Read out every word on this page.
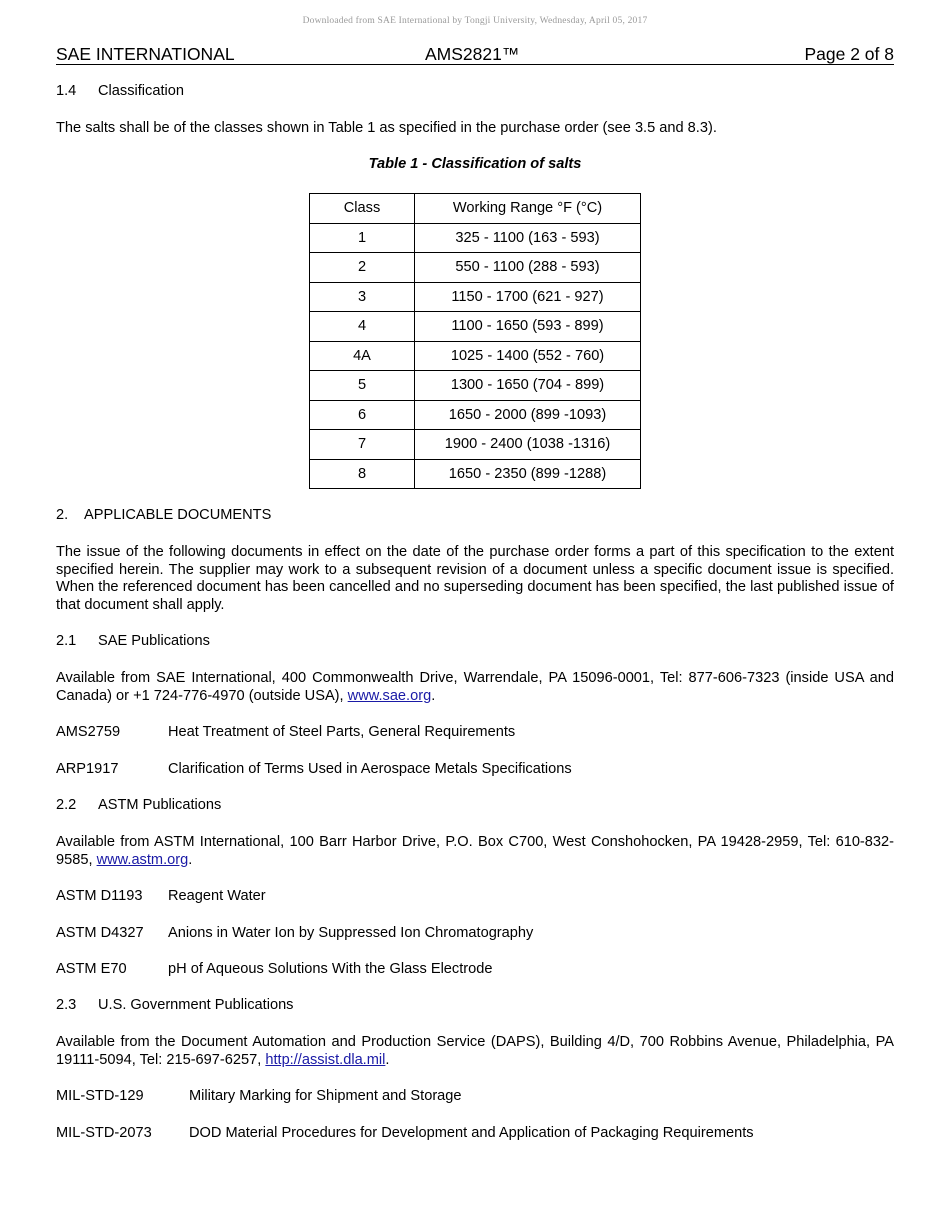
Downloaded from SAE International by Tongji University, Wednesday, April 05, 2017
SAE INTERNATIONAL	AMS2821™	Page 2 of 8
1.4 Classification
The salts shall be of the classes shown in Table 1 as specified in the purchase order (see 3.5 and 8.3).
Table 1 - Classification of salts
Class	Working Range °F (°C)
1	325 - 1100 (163 - 593)
2	550 - 1100 (288 - 593)
3	1150 - 1700 (621 - 927)
4	1100 - 1650 (593 - 899)
4A	1025 - 1400 (552 - 760)
5	1300 - 1650 (704 - 899)
6	1650 - 2000 (899 -1093)
7	1900 - 2400 (1038 -1316)
8	1650 - 2350 (899 -1288)
2. APPLICABLE DOCUMENTS
The issue of the following documents in effect on the date of the purchase order forms a part of this specification to the extent specified herein. The supplier may work to a subsequent revision of a document unless a specific document issue is specified. When the referenced document has been cancelled and no superseding document has been specified, the last published issue of that document shall apply.
2.1 SAE Publications
Available from SAE International, 400 Commonwealth Drive, Warrendale, PA 15096-0001, Tel: 877-606-7323 (inside USA and Canada) or +1 724-776-4970 (outside USA), www.sae.org.
AMS2759	Heat Treatment of Steel Parts, General Requirements
ARP1917	Clarification of Terms Used in Aerospace Metals Specifications
2.2 ASTM Publications
Available from ASTM International, 100 Barr Harbor Drive, P.O. Box C700, West Conshohocken, PA 19428-2959, Tel: 610-832-9585, www.astm.org.
ASTM D1193 Reagent Water
ASTM D4327 Anions in Water Ion by Suppressed Ion Chromatography
ASTM E70	pH of Aqueous Solutions With the Glass Electrode
2.3 U.S. Government Publications
Available from the Document Automation and Production Service (DAPS), Building 4/D, 700 Robbins Avenue, Philadelphia, PA 19111-5094, Tel: 215-697-6257, http://assist.dla.mil.
MIL-STD-129	Military Marking for Shipment and Storage
MIL-STD-2073	DOD Material Procedures for Development and Application of Packaging Requirements
